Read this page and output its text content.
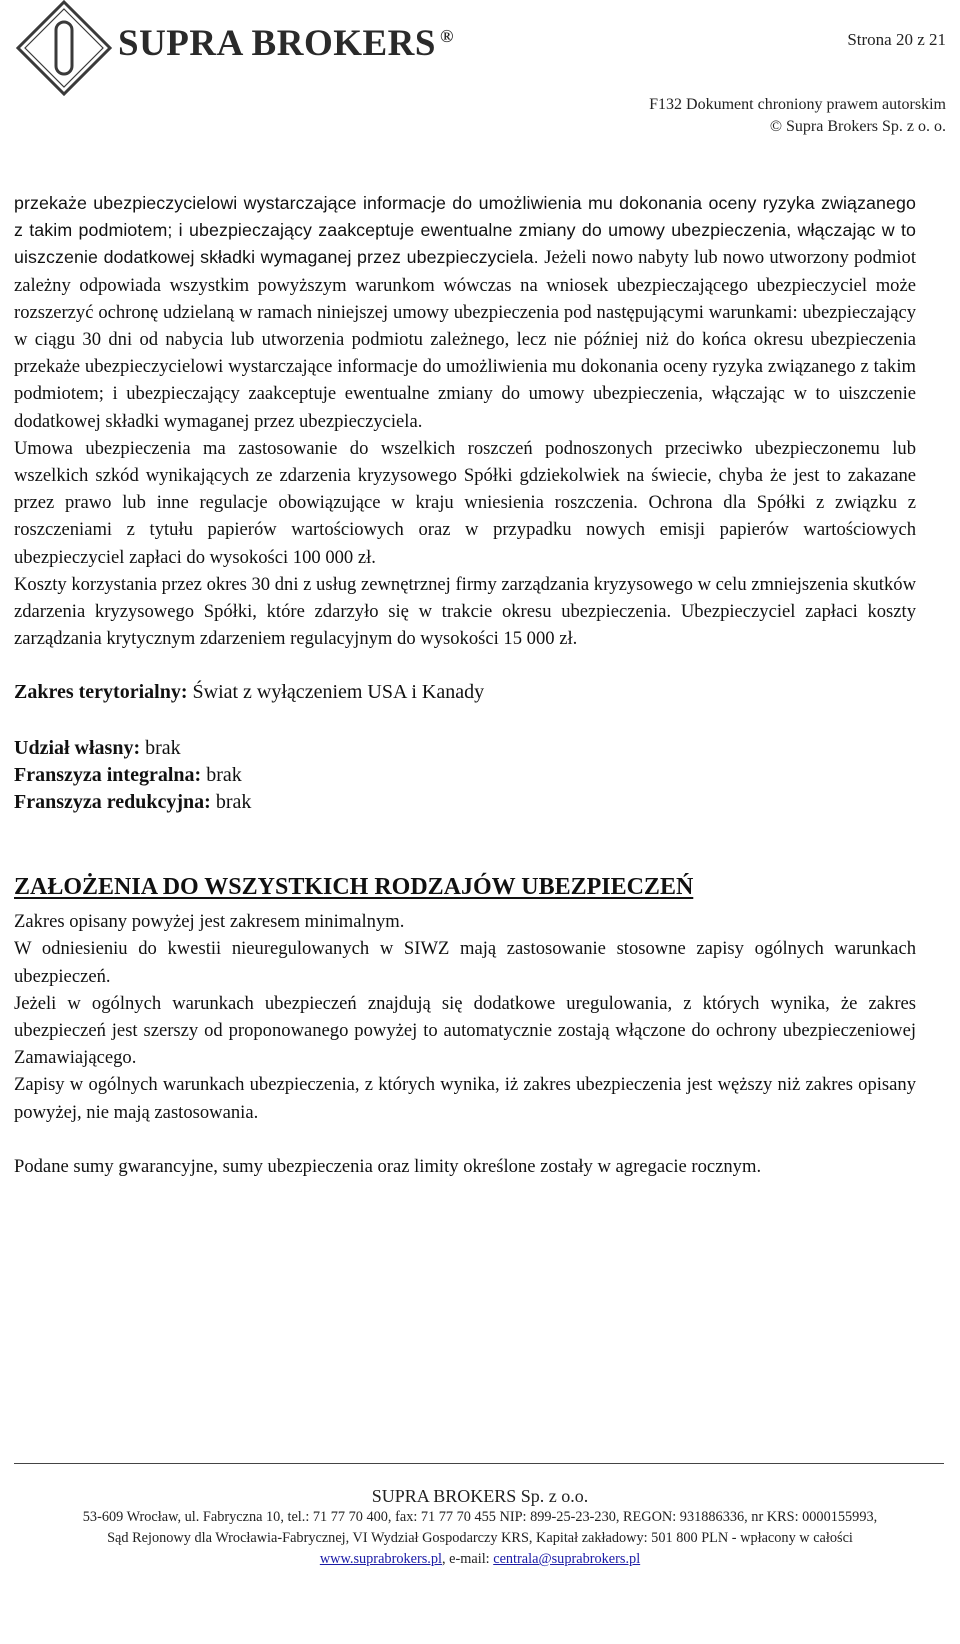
SUPRA BROKERS ®	Strona 20 z 21
F132 Dokument chroniony prawem autorskim
© Supra Brokers Sp. z o. o.

przekaże ubezpieczycielowi wystarczające informacje do umożliwienia mu dokonania oceny ryzyka związanego z takim podmiotem; i ubezpieczający zaakceptuje ewentualne zmiany do umowy ubezpieczenia, włączając w to uiszczenie dodatkowej składki wymaganej przez ubezpieczyciela. Jeżeli nowo nabyty lub nowo utworzony podmiot zależny odpowiada wszystkim powyższym warunkom wówczas na wniosek ubezpieczającego ubezpieczyciel może rozszerzyć ochronę udzielaną w ramach niniejszej umowy ubezpieczenia pod następującymi warunkami: ubezpieczający w ciągu 30 dni od nabycia lub utworzenia podmiotu zależnego, lecz nie później niż do końca okresu ubezpieczenia przekaże ubezpieczycielowi wystarczające informacje do umożliwienia mu dokonania oceny ryzyka związanego z takim podmiotem; i ubezpieczający zaakceptuje ewentualne zmiany do umowy ubezpieczenia, włączając w to uiszczenie dodatkowej składki wymaganej przez ubezpieczyciela.

Umowa ubezpieczenia ma zastosowanie do wszelkich roszczeń podnoszonych przeciwko ubezpieczonemu lub wszelkich szkód wynikających ze zdarzenia kryzysowego Spółki gdziekolwiek na świecie, chyba że jest to zakazane przez prawo lub inne regulacje obowiązujące w kraju wniesienia roszczenia. Ochrona dla Spółki z związku z roszczeniami z tytułu papierów wartościowych oraz w przypadku nowych emisji papierów wartościowych ubezpieczyciel zapłaci do wysokości 100 000 zł.

Koszty korzystania przez okres 30 dni z usług zewnętrznej firmy zarządzania kryzysowego w celu zmniejszenia skutków zdarzenia kryzysowego Spółki, które zdarzyło się w trakcie okresu ubezpieczenia. Ubezpieczyciel zapłaci koszty zarządzania krytycznym zdarzeniem regulacyjnym do wysokości 15 000 zł.

Zakres terytorialny: Świat z wyłączeniem USA i Kanady

Udział własny: brak

Franszyza integralna: brak

Franszyza redukcyjna: brak

ZAŁOŻENIA DO WSZYSTKICH RODZAJÓW UBEZPIECZEŃ

Zakres opisany powyżej jest zakresem minimalnym.

W odniesieniu do kwestii nieuregulowanych w SIWZ mają zastosowanie stosowne zapisy ogólnych warunkach ubezpieczeń.

Jeżeli w ogólnych warunkach ubezpieczeń znajdują się dodatkowe uregulowania, z których wynika, że zakres ubezpieczeń jest szerszy od proponowanego powyżej to automatycznie zostają włączone do ochrony ubezpieczeniowej Zamawiającego.

Zapisy w ogólnych warunkach ubezpieczenia, z których wynika, iż zakres ubezpieczenia jest węższy niż zakres opisany powyżej, nie mają zastosowania.

Podane sumy gwarancyjne, sumy ubezpieczenia oraz limity określone zostały w agregacie rocznym.

SUPRA BROKERS Sp. z o.o.
53-609 Wrocław, ul. Fabryczna 10, tel.: 71 77 70 400, fax: 71 77 70 455 NIP: 899-25-23-230, REGON: 931886336, nr KRS: 0000155993,
Sąd Rejonowy dla Wrocławia-Fabrycznej, VI Wydział Gospodarczy KRS, Kapitał zakładowy: 501 800 PLN - wpłacony w całości
www.suprabrokers.pl, e-mail: centrala@suprabrokers.pl
